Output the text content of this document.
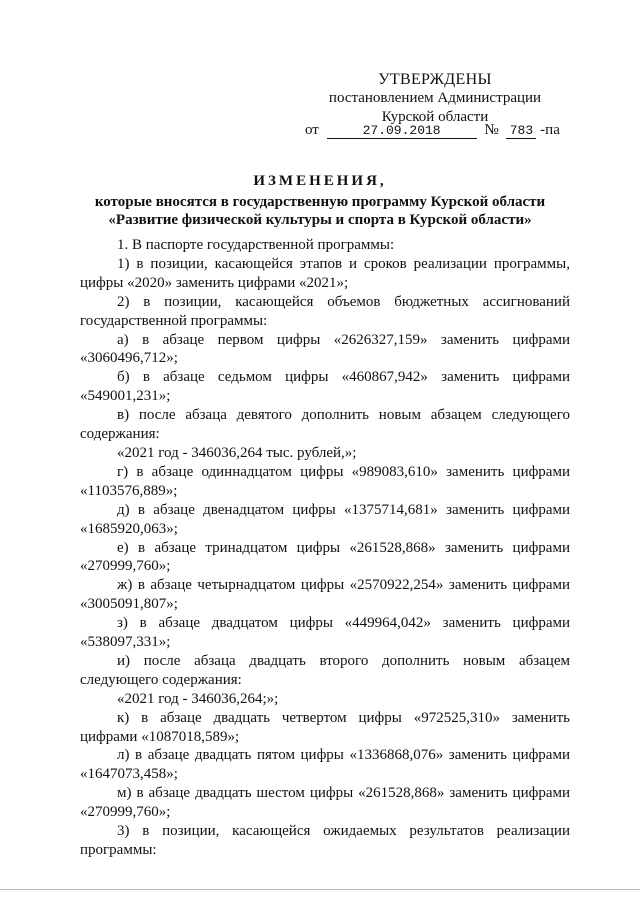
УТВЕРЖДЕНЫ
постановлением Администрации
Курской области
от	27.09.2018	№ 783 -па
ИЗМЕНЕНИЯ,
которые вносятся в государственную программу Курской области
«Развитие физической культуры и спорта в Курской области»

1. В паспорте государственной программы:

1) в позиции, касающейся этапов и сроков реализации программы, цифры «2020» заменить цифрами «2021»;

2) в позиции, касающейся объемов бюджетных ассигнований государственной программы:

а) в абзаце первом цифры «2626327,159» заменить цифрами «3060496,712»;

б) в абзаце седьмом цифры «460867,942» заменить цифрами «549001,231»;

в) после абзаца девятого дополнить новым абзацем следующего содержания:

«2021 год - 346036,264 тыс. рублей,»;

г) в абзаце одиннадцатом цифры «989083,610» заменить цифрами «1103576,889»;

д) в абзаце двенадцатом цифры «1375714,681» заменить цифрами «1685920,063»;

е) в абзаце тринадцатом цифры «261528,868» заменить цифрами «270999,760»;

ж) в абзаце четырнадцатом цифры «2570922,254» заменить цифрами «3005091,807»;

з) в абзаце двадцатом цифры «449964,042» заменить цифрами «538097,331»;

и) после абзаца двадцать второго дополнить новым абзацем следующего содержания:

«2021 год - 346036,264;»;

к) в абзаце двадцать четвертом цифры «972525,310» заменить цифрами «1087018,589»;

л) в абзаце двадцать пятом цифры «1336868,076» заменить цифрами «1647073,458»;

м) в абзаце двадцать шестом цифры «261528,868» заменить цифрами «270999,760»;

3) в позиции, касающейся ожидаемых результатов реализации программы:
